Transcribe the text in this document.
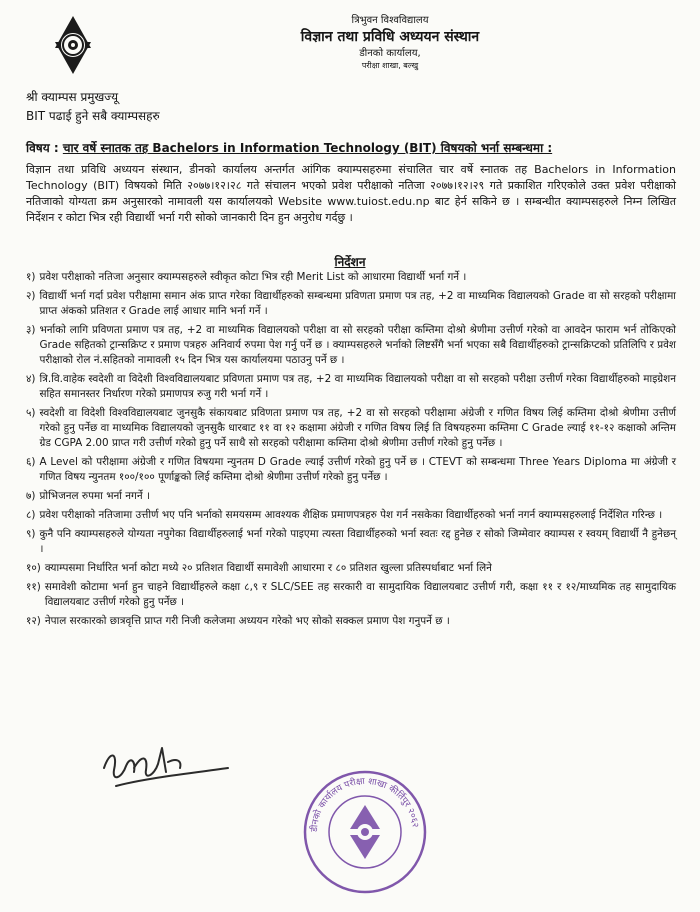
त्रिभुवन विश्वविद्यालय
विज्ञान तथा प्रविधि अध्ययन संस्थान
डीनको कार्यालय,
परीक्षा शाखा, बल्खु
श्री क्याम्पस प्रमुखज्यू
BIT पढाई हुने सबै क्याम्पसहरु
विषय : चार वर्षे स्नातक तह Bachelors in Information Technology (BIT) विषयको भर्ना सम्बन्धमा :
विज्ञान तथा प्रविधि अध्ययन संस्थान, डीनको कार्यालय अन्तर्गत आंगिक क्याम्पसहरुमा संचालित चार वर्षे स्नातक तह Bachelors in Information Technology (BIT) विषयको मिति २०७७।१२।२८ गते संचालन भएको प्रवेश परीक्षाको नतिजा २०७७।१२।२९ गते प्रकाशित गरिएकोले उक्त प्रवेश परीक्षाको नतिजाको योग्यता क्रम अनुसारको नामावली यस कार्यालयको Website www.tuiost.edu.np बाट हेर्न सकिने छ । सम्बन्धीत क्याम्पसहरुले निम्न लिखित निर्देशन र कोटा भित्र रही विद्यार्थी भर्ना गरी सोको जानकारी दिन हुन अनुरोध गर्दछु ।
निर्देशन
१) प्रवेश परीक्षाको नतिजा अनुसार क्याम्पसहरुले स्वीकृत कोटा भित्र रही Merit List को आधारमा विद्यार्थी भर्ना गर्ने ।
२) विद्यार्थी भर्ना गर्दा प्रवेश परीक्षामा समान अंक प्राप्त गरेका विद्यार्थीहरुको सम्बन्धमा प्रविणता प्रमाण पत्र तह, +2 वा माध्यमिक विद्यालयको Grade वा सो सरहको परीक्षामा प्राप्त अंकको प्रतिशत र Grade लाई आधार मानि भर्ना गर्ने ।
३) भर्नाको लागि प्रविणता प्रमाण पत्र तह, +2 वा माध्यमिक विद्यालयको परीक्षा वा सो सरहको परीक्षा कम्तिमा दोश्रो श्रेणीमा उत्तीर्ण गरेको वा आवदेन फाराम भर्न तोकिएको Grade सहितको ट्रान्सक्रिप्ट र प्रमाण पत्रहरु अनिवार्य रुपमा पेश गर्नु पर्ने छ । क्याम्पसहरुले भर्नाको लिष्टसँगै भर्ना भएका सबै विद्यार्थीहरुको ट्रान्सक्रिप्टको प्रतिलिपि र प्रवेश परीक्षाको रोल नं.सहितको नामावली १५ दिन भित्र यस कार्यालयमा पठाउनु पर्ने छ ।
४) त्रि.वि.वाहेक स्वदेशी वा विदेशी विश्वविद्यालयबाट प्रविणता प्रमाण पत्र तह, +2 वा माध्यमिक विद्यालयको परीक्षा वा सो सरहको परीक्षा उत्तीर्ण गरेका विद्यार्थीहरुको माइग्रेशन सहित समानस्तर निर्धारण गरेको प्रमाणपत्र रुजु गरी भर्ना गर्ने ।
५) स्वदेशी वा विदेशी विश्वविद्यालयबाट जुनसुकै संकायबाट प्रविणता प्रमाण पत्र तह, +2 वा सो सरहको परीक्षामा अंग्रेजी र गणित विषय लिई कम्तिमा दोश्रो श्रेणीमा उत्तीर्ण गरेको हुनु पर्नेछ वा माध्यमिक विद्यालयको जुनसुकै धारबाट ११ वा १२ कक्षामा अंग्रेजी र गणित विषय लिई ति विषयहरुमा कम्तिमा C Grade ल्याई ११-१२ कक्षाको अन्तिम ग्रेड CGPA 2.00 प्राप्त गरी उत्तीर्ण गरेको हुनु पर्ने साथै सो सरहको परीक्षामा कम्तिमा दोश्रो श्रेणीमा उत्तीर्ण गरेको हुनु पर्नेछ ।
६) A Level को परीक्षामा अंग्रेजी र गणित विषयमा न्युनतम D Grade ल्याई उत्तीर्ण गरेको हुनु पर्ने छ । CTEVT को सम्बन्धमा Three Years Diploma मा अंग्रेजी र गणित विषय न्युनतम १००/१०० पूर्णाङ्कको लिई कम्तिमा दोश्रो श्रेणीमा उत्तीर्ण गरेको हुनु पर्नेछ ।
७) प्रोभिजनल रुपमा भर्ना नगर्ने ।
८) प्रवेश परीक्षाको नतिजामा उत्तीर्ण भए पनि भर्नाको समयसम्म आवश्यक शैक्षिक प्रमाणपत्रहरु पेश गर्न नसकेका विद्यार्थीहरुको भर्ना नगर्न क्याम्पसहरुलाई निर्देशित गरिन्छ ।
९) कुनै पनि क्याम्पसहरुले योग्यता नपुगेका विद्यार्थीहरुलाई भर्ना गरेको पाइएमा त्यस्ता विद्यार्थीहरुको भर्ना स्वतः रद्द हुनेछ र सोको जिम्मेवार क्याम्पस र स्वयम् विद्यार्थी नै हुनेछन् ।
१०) क्याम्पसमा निर्धारित भर्ना कोटा मध्ये २० प्रतिशत विद्यार्थी समावेशी आधारमा र ८० प्रतिशत खुल्ला प्रतिस्पर्धाबाट भर्ना लिने
११) समावेशी कोटामा भर्ना हुन चाहने विद्यार्थीहरुले कक्षा ८,९ र SLC/SEE तह सरकारी वा सामुदायिक विद्यालयबाट उत्तीर्ण गरी, कक्षा ११ र १२/माध्यमिक तह सामुदायिक विद्यालयबाट उत्तीर्ण गरेको हुनु पर्नेछ ।
१२) नेपाल सरकारको छात्रवृत्ति प्राप्त गरी निजी कलेजमा अध्ययन गरेको भए सोको सक्कल प्रमाण पेश गनुपर्ने छ ।
डीनको कार्यालय परीक्षा शाखा कीर्तिपुर २०६२
